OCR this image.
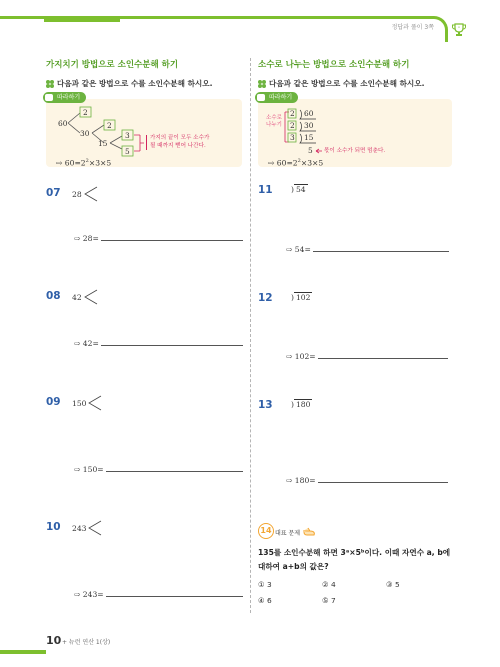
정답과 풀이 3쪽
가지치기 방법으로 소인수분해 하기
다음과 같은 방법으로 수를 소인수분해 하시오.
따라하기
60
2
30
2
15
3
5
가지의 끝이 모두 소수가 될 때까지 뻗어 나간다.
⇨ $60=2^2\times 3\times 5$
07 28
⇨ 28=
08 42
⇨ 42=
09 150
⇨ 150=
10 243
⇨ 243=
소수로 나누는 방법으로 소인수분해 하기
다음과 같은 방법으로 수를 소인수분해 하시오.
따라하기
소수로
나누기
2 60
2 30
3 15
5 몫이 소수가 되면 멈춘다.
⇨ $60=2^2\times 3\times 5$
11 ) 54
⇨ 54=
12 ) 102
⇨ 102=
13 ) 180
⇨ 180=
14 대표 문제
135를 소인수분해 하면 3ᵃ×5ᵇ이다. 이때 자연수 a, b에
대하여 a+b의 값은?
① 3	② 4	③ 5
④ 6	⑤ 7
10 + 뉴런 연산 1(상)
